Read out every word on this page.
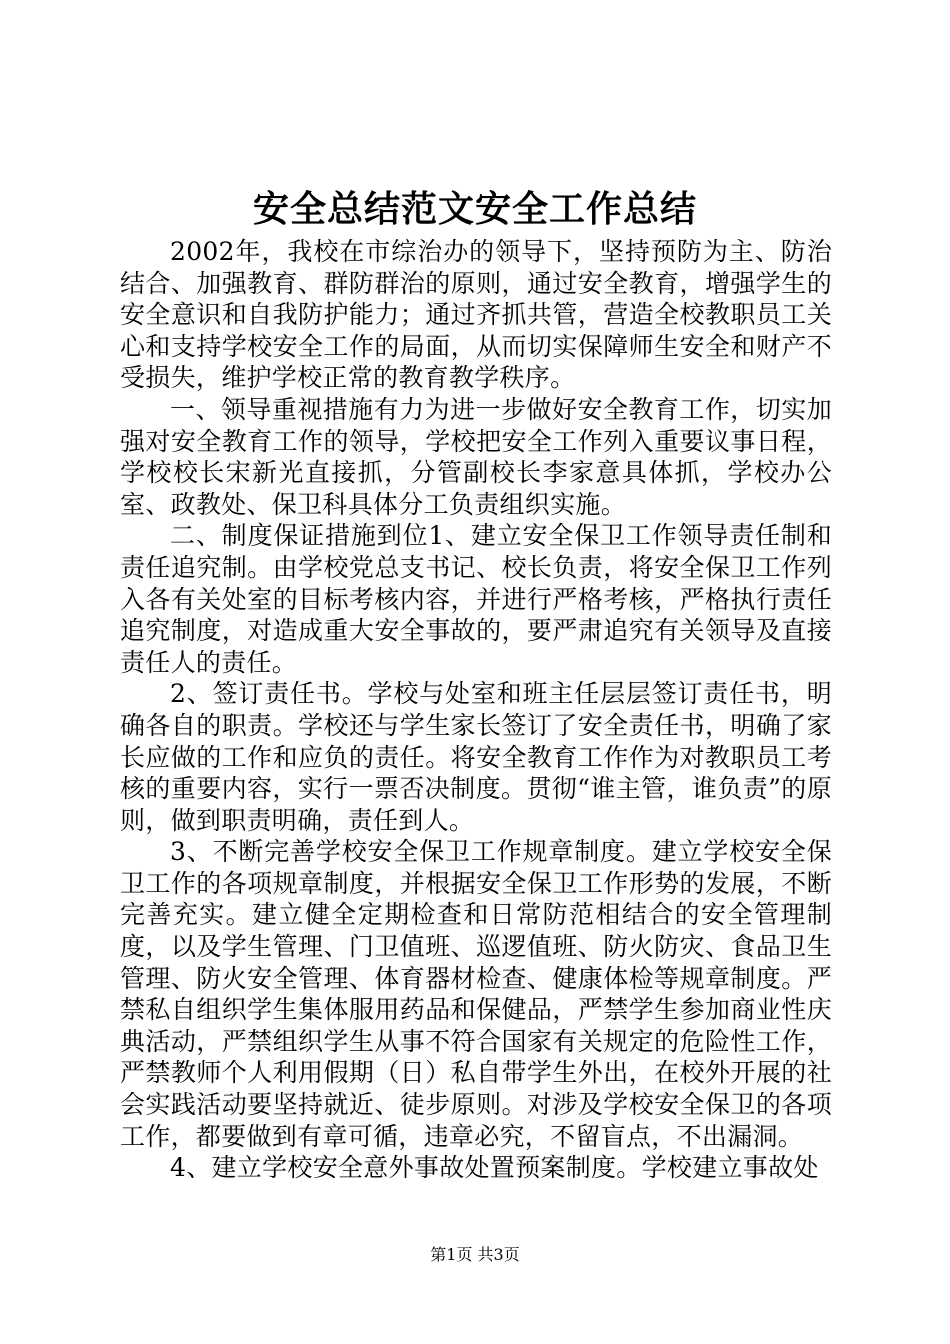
安全总结范文安全工作总结

2002年，我校在市综治办的领导下，坚持预防为主、防治结合、加强教育、群防群治的原则，通过安全教育，增强学生的安全意识和自我防护能力；通过齐抓共管，营造全校教职员工关心和支持学校安全工作的局面，从而切实保障师生安全和财产不受损失，维护学校正常的教育教学秩序。

一、领导重视措施有力为进一步做好安全教育工作，切实加强对安全教育工作的领导，学校把安全工作列入重要议事日程，学校校长宋新光直接抓，分管副校长李家意具体抓，学校办公室、政教处、保卫科具体分工负责组织实施。

二、制度保证措施到位1、建立安全保卫工作领导责任制和责任追究制。由学校党总支书记、校长负责，将安全保卫工作列入各有关处室的目标考核内容，并进行严格考核，严格执行责任追究制度，对造成重大安全事故的，要严肃追究有关领导及直接责任人的责任。

2、签订责任书。学校与处室和班主任层层签订责任书，明确各自的职责。学校还与学生家长签订了安全责任书，明确了家长应做的工作和应负的责任。将安全教育工作作为对教职员工考核的重要内容，实行一票否决制度。贯彻“谁主管，谁负责”的原则，做到职责明确，责任到人。

3、不断完善学校安全保卫工作规章制度。建立学校安全保卫工作的各项规章制度，并根据安全保卫工作形势的发展，不断完善充实。建立健全定期检查和日常防范相结合的安全管理制度，以及学生管理、门卫值班、巡逻值班、防火防灾、食品卫生管理、防火安全管理、体育器材检查、健康体检等规章制度。严禁私自组织学生集体服用药品和保健品，严禁学生参加商业性庆典活动，严禁组织学生从事不符合国家有关规定的危险性工作，严禁教师个人利用假期（日）私自带学生外出，在校外开展的社会实践活动要坚持就近、徒步原则。对涉及学校安全保卫的各项工作，都要做到有章可循，违章必究，不留盲点，不出漏洞。

4、建立学校安全意外事故处置预案制度。学校建立事故处

第1页 共3页
